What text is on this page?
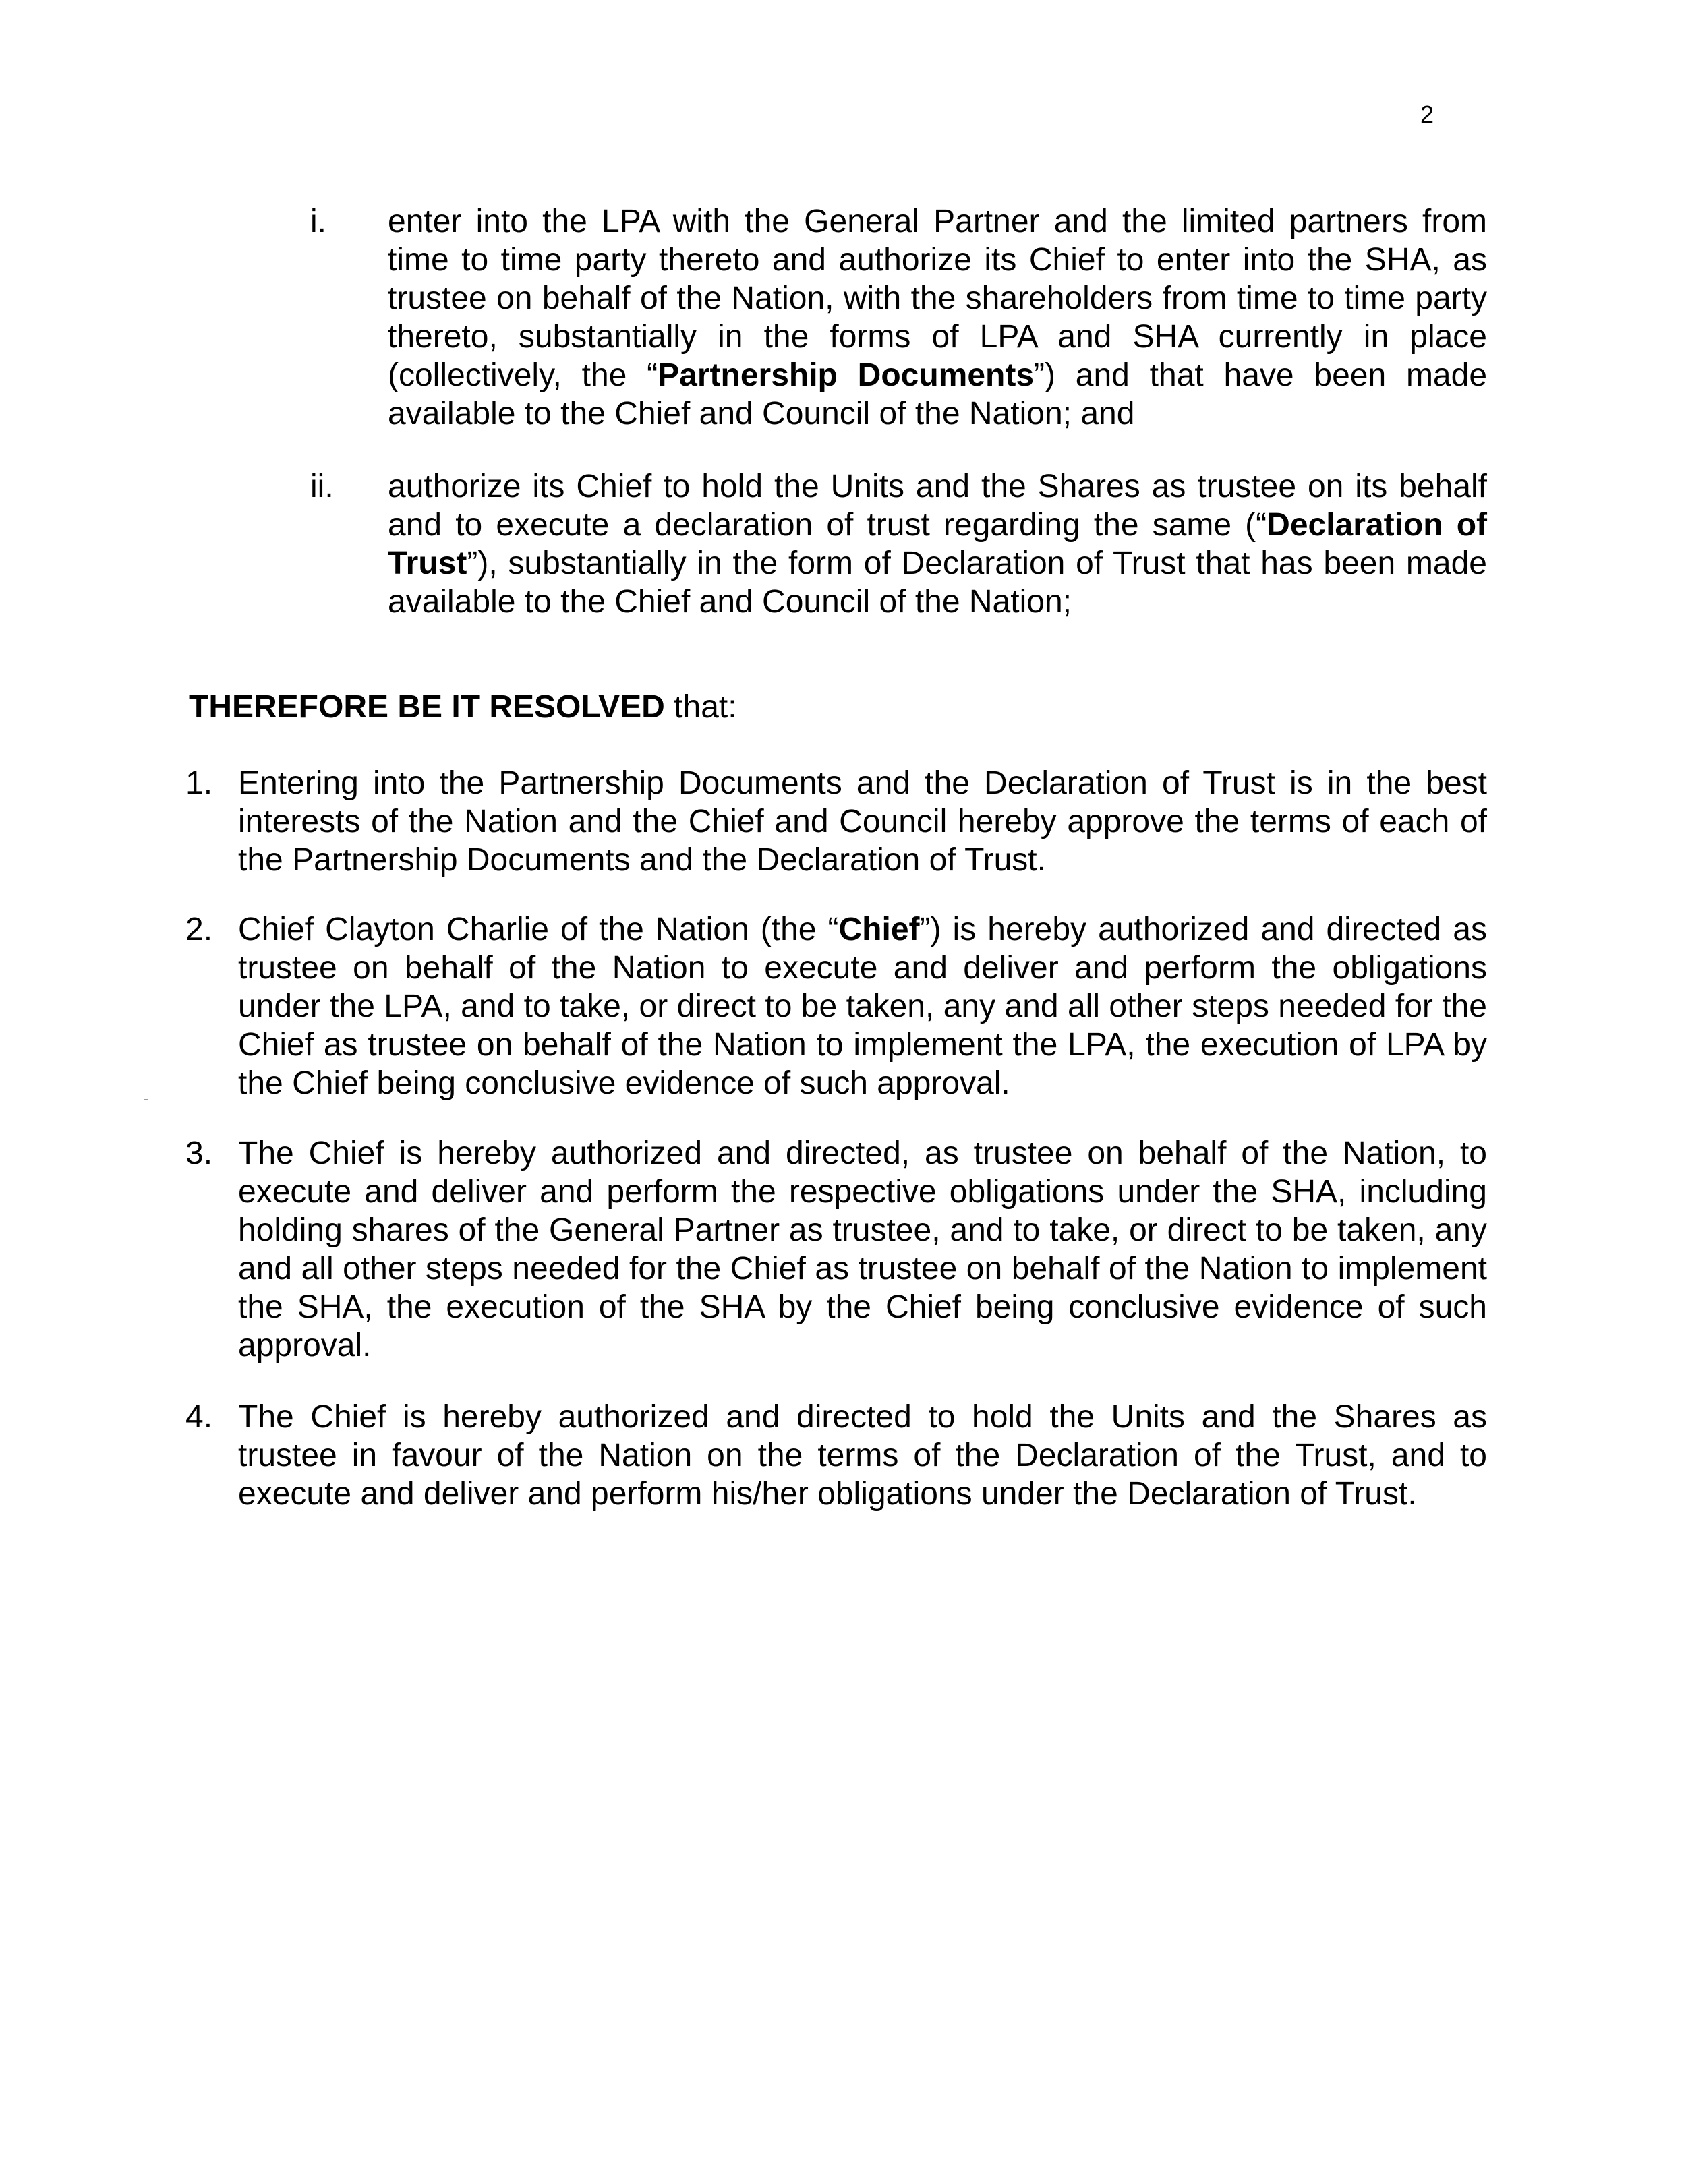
2
i.	enter into the LPA with the General Partner and the limited partners from time to time party thereto and authorize its Chief to enter into the SHA, as trustee on behalf of the Nation, with the shareholders from time to time party thereto, substantially in the forms of LPA and SHA currently in place (collectively, the “Partnership Documents”) and that have been made available to the Chief and Council of the Nation; and
ii.	authorize its Chief to hold the Units and the Shares as trustee on its behalf and to execute a declaration of trust regarding the same (“Declaration of Trust”), substantially in the form of Declaration of Trust that has been made available to the Chief and Council of the Nation;
THEREFORE BE IT RESOLVED that:
1. Entering into the Partnership Documents and the Declaration of Trust is in the best interests of the Nation and the Chief and Council hereby approve the terms of each of the Partnership Documents and the Declaration of Trust.
2. Chief Clayton Charlie of the Nation (the “Chief”) is hereby authorized and directed as trustee on behalf of the Nation to execute and deliver and perform the obligations under the LPA, and to take, or direct to be taken, any and all other steps needed for the Chief as trustee on behalf of the Nation to implement the LPA, the execution of LPA by the Chief being conclusive evidence of such approval.
3. The Chief is hereby authorized and directed, as trustee on behalf of the Nation, to execute and deliver and perform the respective obligations under the SHA, including holding shares of the General Partner as trustee, and to take, or direct to be taken, any and all other steps needed for the Chief as trustee on behalf of the Nation to implement the SHA, the execution of the SHA by the Chief being conclusive evidence of such approval.
4. The Chief is hereby authorized and directed to hold the Units and the Shares as trustee in favour of the Nation on the terms of the Declaration of the Trust, and to execute and deliver and perform his/her obligations under the Declaration of Trust.
